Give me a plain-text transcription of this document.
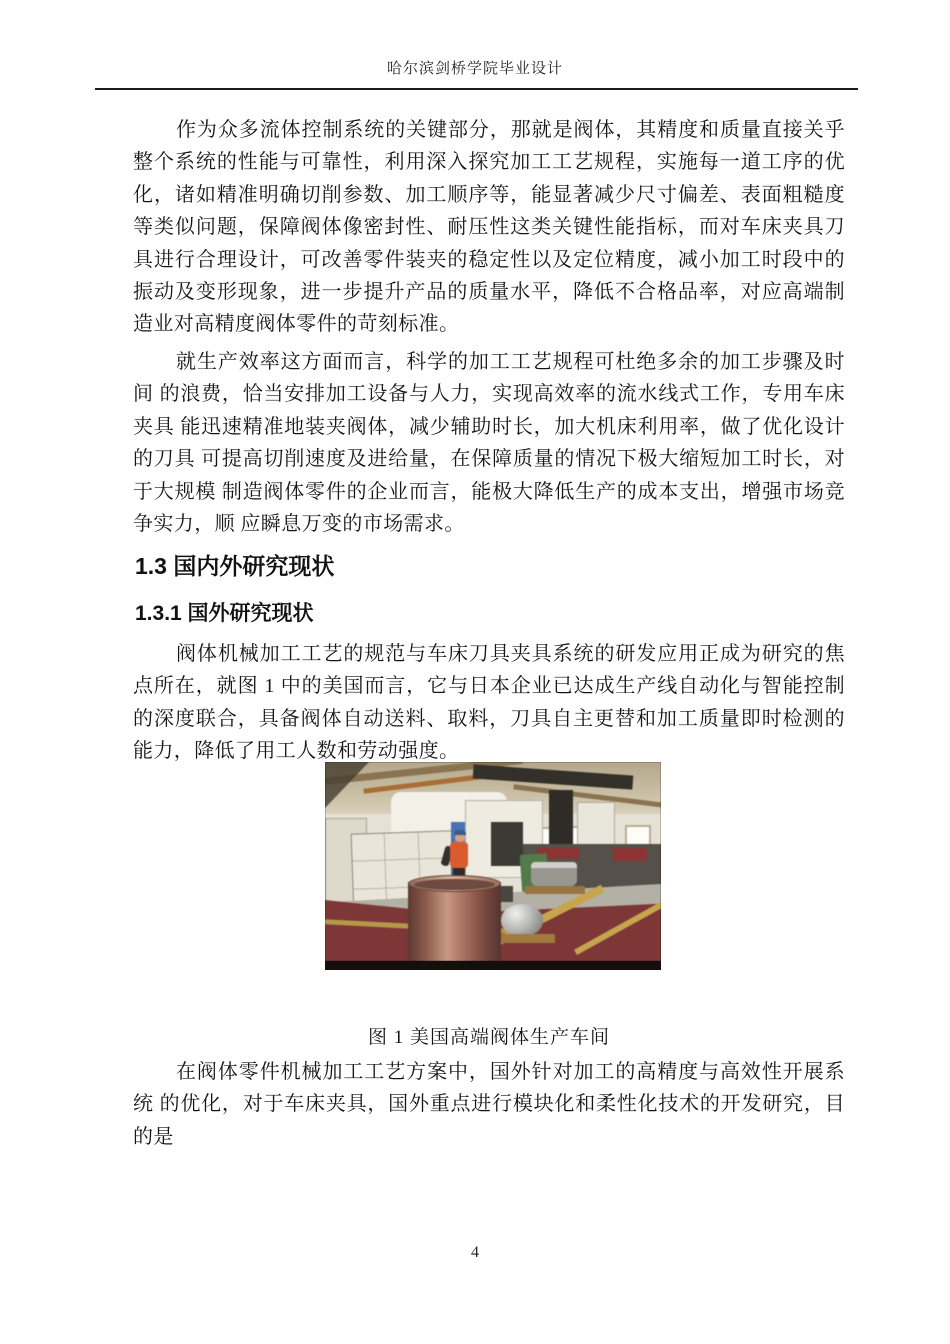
哈尔滨剑桥学院毕业设计

作为众多流体控制系统的关键部分，那就是阀体，其精度和质量直接关乎整个系统的性能与可靠性，利用深入探究加工工艺规程，实施每一道工序的优化，诸如精准明确切削参数、加工顺序等，能显著减少尺寸偏差、表面粗糙度等类似问题，保障阀体像密封性、耐压性这类关键性能指标，而对车床夹具刀具进行合理设计，可改善零件装夹的稳定性以及定位精度，减小加工时段中的振动及变形现象，进一步提升产品的质量水平，降低不合格品率，对应高端制造业对高精度阀体零件的苛刻标准。

就生产效率这方面而言，科学的加工工艺规程可杜绝多余的加工步骤及时间 的浪费，恰当安排加工设备与人力，实现高效率的流水线式工作，专用车床夹具 能迅速精准地装夹阀体，减少辅助时长，加大机床利用率，做了优化设计的刀具 可提高切削速度及进给量，在保障质量的情况下极大缩短加工时长，对于大规模 制造阀体零件的企业而言，能极大降低生产的成本支出，增强市场竞争实力，顺 应瞬息万变的市场需求。

1.3 国内外研究现状
1.3.1 国外研究现状

阀体机械加工工艺的规范与车床刀具夹具系统的研发应用正成为研究的焦点所在，就图 1 中的美国而言，它与日本企业已达成生产线自动化与智能控制的深度联合，具备阀体自动送料、取料，刀具自主更替和加工质量即时检测的能力，降低了用工人数和劳动强度。

图 1 美国高端阀体生产车间

在阀体零件机械加工工艺方案中，国外针对加工的高精度与高效性开展系统 的优化，对于车床夹具，国外重点进行模块化和柔性化技术的开发研究，目的是

4
